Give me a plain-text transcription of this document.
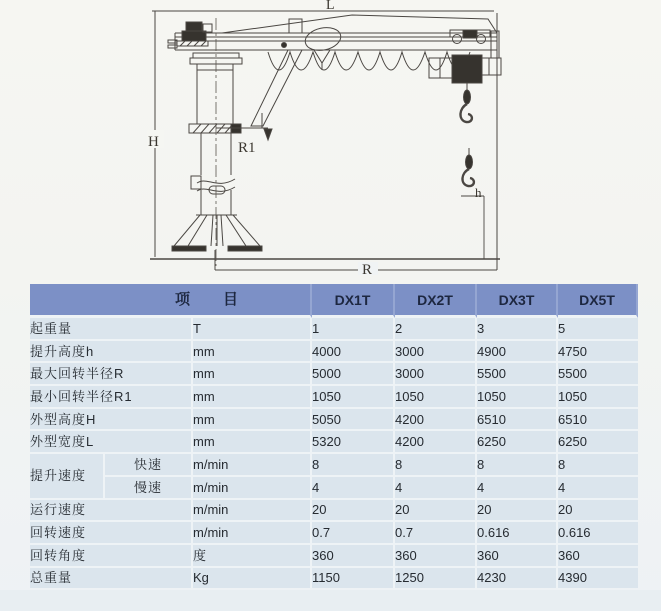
L
H	R1
h
R
项　　目			DX1T	DX2T	DX3T	DX5T
起重量		T	1	2	3	5
提升高度h		mm	4000	3000	4900	4750
最大回转半径R		mm	5000	3000	5500	5500
最小回转半径R1		mm	1050	1050	1050	1050
外型高度H		mm	5050	4200	6510	6510
外型宽度L		mm	5320	4200	6250	6250
提升速度	快速	m/min	8	8	8	8
	慢速	m/min	4	4	4	4
运行速度		m/min	20	20	20	20
回转速度		m/min	0.7	0.7	0.616	0.616
回转角度		度	360	360	360	360
总重量		Kg	1150	1250	4230	4390
